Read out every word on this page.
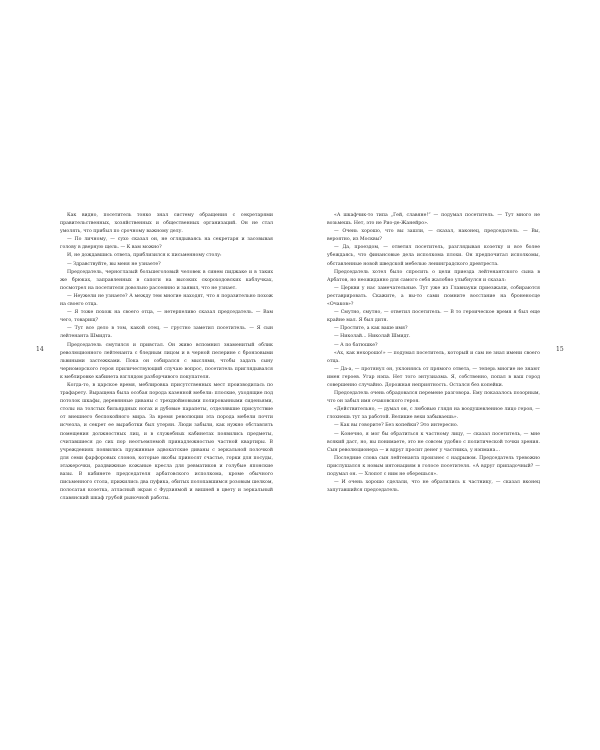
14

Как видно, посетитель тонко знал систему обращения с секретарями правительственных, хозяйственных и общественных организаций. Он не стал умолять, что прибыл по срочному важному делу.

— По личному, — сухо сказал он, не оглядываясь на секретаря и засовывая голову в дверную щель. — К вам можно?

И, не дождавшись ответа, приблизился к письменному столу:

— Здравствуйте, вы меня не узнаете?

Председатель, черноглазый большеголовый человек в синем пиджаке и в таких же брюках, заправленных в сапоги на высоких скороходовских каблучках, посмотрел на посетителя довольно рассеянно и заявил, что не узнает.

— Неужели не узнаете? А между тем многие находят, что я поразительно похож на своего отца.

— Я тоже похож на своего отца, — нетерпеливо сказал председатель. — Вам чего, товарищ?

— Тут все дело в том, какой отец, — грустно заметил посетитель. — Я сын лейтенанта Шмидта.

Председатель смутился и привстал. Он живо вспомнил знаменитый облик революционного лейтенанта с бледным лицом и в черной пелерине с бронзовыми львиными застежками. Пока он собирался с мыслями, чтобы задать сыну черноморского героя приличествующий случаю вопрос, посетитель приглядывался к меблировке кабинета взглядом разборчивого покупателя.

Когда-то, в царское время, меблировка присутственных мест производилась по трафарету. Выращена была особая порода казенной мебели: плоские, уходящие под потолок шкафы, деревянные диваны с трехдюймовыми полированными сиденьями, столы на толстых бильярдных ногах и дубовые парапеты, отделявшие присутствие от внешнего беспокойного мира. За время революции эта порода мебели почти исчезла, и секрет ее выработки был утерян. Люди забыли, как нужно обставлять помещения должностных лиц, и в служебных кабинетах появились предметы, считавшиеся до сих пор неотъемлемой принадлежностью частной квартиры. В учреждениях появились пружинные адвокатские диваны с зеркальной полочкой для семи фарфоровых слонов, которые якобы приносят счастье, горки для посуды, этажерочки, раздвижные кожаные кресла для ревматиков и голубые японские вазы. В кабинете председателя арбатовского исполкома, кроме обычного письменного стола, прижились два пуфика, обитых полопавшимся розовым шелком, полосатая козетка, атласный экран с Фудзиямой и вишней в цвету и зеркальный славянский шкаф грубой рыночной работы.

15

«А шкафчик-то типа „Гей, славяне!“ — подумал посетитель. — Тут много не возьмешь. Нет, это не Рио-де-Жанейро».

— Очень хорошо, что вы зашли, — сказал, наконец, председатель. — Вы, вероятно, из Москвы?

— Да, проездом, — ответил посетитель, разглядывая козетку и все более убеждаясь, что финансовые дела исполкома плохи. Он предпочитал исполкомы, обставленные новой шведской мебелью ленинградского древтреста.

Председатель хотел было спросить о цели приезда лейтенантского сына в Арбатов, но неожиданно для самого себя жалобно улыбнулся и сказал:

— Церкви у нас замечательные. Тут уже из Главнауки приезжали, собираются реставрировать. Скажите, а вы-то сами помните восстание на броненосце «Очаков»?

— Смутно, смутно, — ответил посетитель. — В то героическое время я был еще крайне мал. Я был дитя.

— Простите, а как ваше имя?

— Николай... Николай Шмидт.

— А по батюшке?

«Ах, как нехорошо!» — подумал посетитель, который и сам не знал имени своего отца.

— Да-а, — протянул он, уклоняясь от прямого ответа, — теперь многие не знают имен героев. Угар нэпа. Нет того энтузиазма. Я, собственно, попал в ваш город совершенно случайно. Дорожная неприятность. Остался без копейки.

Председатель очень обрадовался перемене разговора. Ему показалось позорным, что он забыл имя очаковского героя.

«Действительно, — думал он, с любовью глядя на воодушевленное лицо героя, — глохнешь тут за работой. Великие вехи забываешь».

— Как вы говорите? Без копейки? Это интересно.

— Конечно, я мог бы обратиться к частному лицу, — сказал посетитель, — мне всякий даст, но, вы понимаете, это не совсем удобно с политической точки зрения. Сын революционера — и вдруг просит денег у частника, у нэпмана...

Последние слова сын лейтенанта произнес с надрывом. Председатель тревожно прислушался к новым интонациям в голосе посетителя. «А вдруг припадочный? — подумал он. — Хлопот с ним не оберешься».

— И очень хорошо сделали, что не обратились к частнику, — сказал вконец запутавшийся председатель.
